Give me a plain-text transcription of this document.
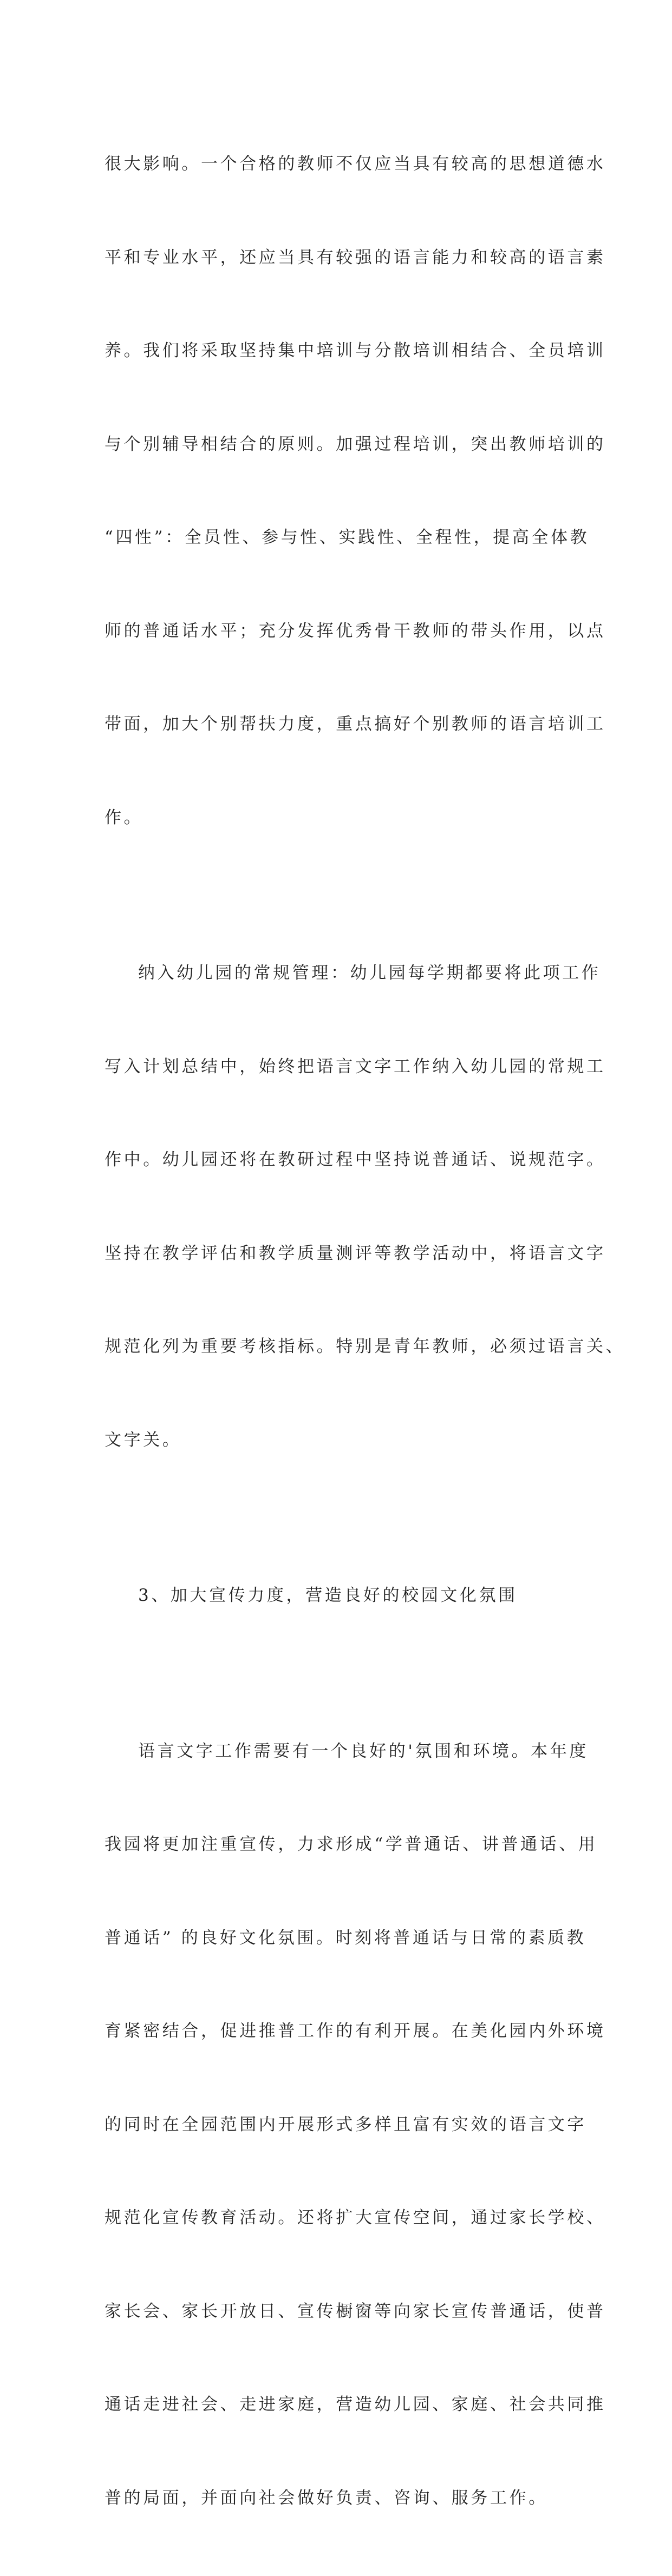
很大影响。一个合格的教师不仅应当具有较高的思想道德水

平和专业水平，还应当具有较强的语言能力和较高的语言素

养。我们将采取坚持集中培训与分散培训相结合、全员培训

与个别辅导相结合的原则。加强过程培训，突出教师培训的

“四性”：全员性、参与性、实践性、全程性，提高全体教

师的普通话水平；充分发挥优秀骨干教师的带头作用，以点

带面，加大个别帮扶力度，重点搞好个别教师的语言培训工

作。

纳入幼儿园的常规管理：幼儿园每学期都要将此项工作

写入计划总结中，始终把语言文字工作纳入幼儿园的常规工

作中。幼儿园还将在教研过程中坚持说普通话、说规范字。

坚持在教学评估和教学质量测评等教学活动中，将语言文字

规范化列为重要考核指标。特别是青年教师，必须过语言关、

文字关。

3、加大宣传力度，营造良好的校园文化氛围

语言文字工作需要有一个良好的'氛围和环境。本年度

我园将更加注重宣传，力求形成“学普通话、讲普通话、用

普通话” 的良好文化氛围。时刻将普通话与日常的素质教

育紧密结合，促进推普工作的有利开展。在美化园内外环境

的同时在全园范围内开展形式多样且富有实效的语言文字

规范化宣传教育活动。还将扩大宣传空间，通过家长学校、

家长会、家长开放日、宣传橱窗等向家长宣传普通话，使普

通话走进社会、走进家庭，营造幼儿园、家庭、社会共同推

普的局面，并面向社会做好负责、咨询、服务工作。
